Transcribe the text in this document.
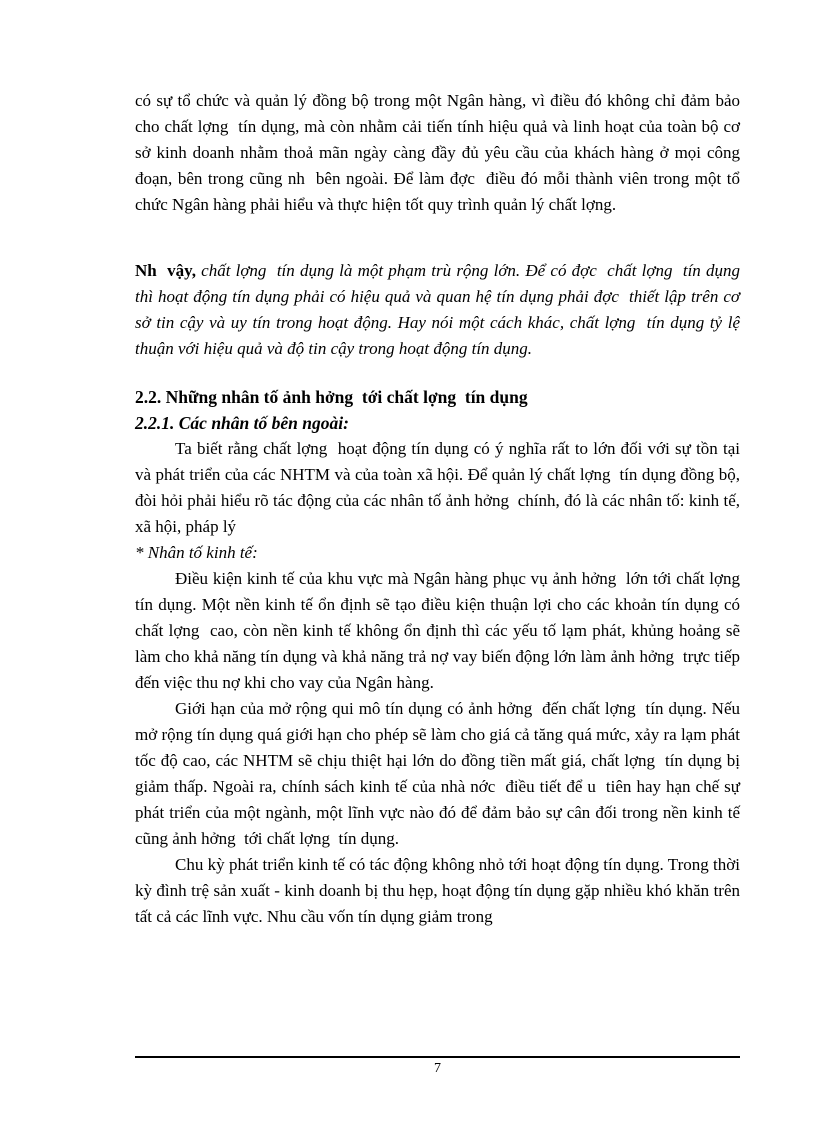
có sự tổ chức và quản lý đồng bộ trong một Ngân hàng, vì điều đó không chỉ đảm bảo cho chất lợng  tín dụng, mà còn nhằm cải tiến tính hiệu quả và linh hoạt của toàn bộ cơ sở kinh doanh nhằm thoả mãn ngày càng đầy đủ yêu cầu của khách hàng ở mọi công đoạn, bên trong cũng nh  bên ngoài. Để làm đợc  điều đó mỗi thành viên trong một tổ chức Ngân hàng phải hiểu và thực hiện tốt quy trình quản lý chất lợng.

Nh  vậy, chất lợng  tín dụng là một phạm trù rộng lớn. Để có đợc  chất lợng  tín dụng thì hoạt động tín dụng phải có hiệu quả và quan hệ tín dụng phải đợc  thiết lập trên cơ sở tin cậy và uy tín trong hoạt động. Hay nói một cách khác, chất lợng  tín dụng tỷ lệ thuận với hiệu quả và độ tin cậy trong hoạt động tín dụng.

2.2. Những nhân tố ảnh hởng  tới chất lợng  tín dụng
2.2.1. Các nhân tố bên ngoài:

Ta biết rằng chất lợng  hoạt động tín dụng có ý nghĩa rất to lớn đối với sự tồn tại và phát triển của các NHTM và của toàn xã hội. Để quản lý chất lợng  tín dụng đồng bộ, đòi hỏi phải hiểu rõ tác động của các nhân tố ảnh hởng  chính, đó là các nhân tố: kinh tế, xã hội, pháp lý

* Nhân tố kinh tế:

Điều kiện kinh tế của khu vực mà Ngân hàng phục vụ ảnh hởng  lớn tới chất lợng  tín dụng. Một nền kinh tế ổn định sẽ tạo điều kiện thuận lợi cho các khoản tín dụng có chất lợng  cao, còn nền kinh tế không ổn định thì các yếu tố lạm phát, khủng hoảng sẽ làm cho khả năng tín dụng và khả năng trả nợ vay biến động lớn làm ảnh hởng  trực tiếp đến việc thu nợ khi cho vay của Ngân hàng.

Giới hạn của mở rộng qui mô tín dụng có ảnh hởng  đến chất lợng  tín dụng. Nếu mở rộng tín dụng quá giới hạn cho phép sẽ làm cho giá cả tăng quá mức, xảy ra lạm phát tốc độ cao, các NHTM sẽ chịu thiệt hại lớn do đồng tiền mất giá, chất lợng  tín dụng bị giảm thấp. Ngoài ra, chính sách kinh tế của nhà nớc  điều tiết để u  tiên hay hạn chế sự phát triển của một ngành, một lĩnh vực nào đó để đảm bảo sự cân đối trong nền kinh tế cũng ảnh hởng  tới chất lợng  tín dụng.

Chu kỳ phát triển kinh tế có tác động không nhỏ tới hoạt động tín dụng. Trong thời kỳ đình trệ sản xuất - kinh doanh bị thu hẹp, hoạt động tín dụng gặp nhiều khó khăn trên tất cả các lĩnh vực. Nhu cầu vốn tín dụng giảm trong

7
